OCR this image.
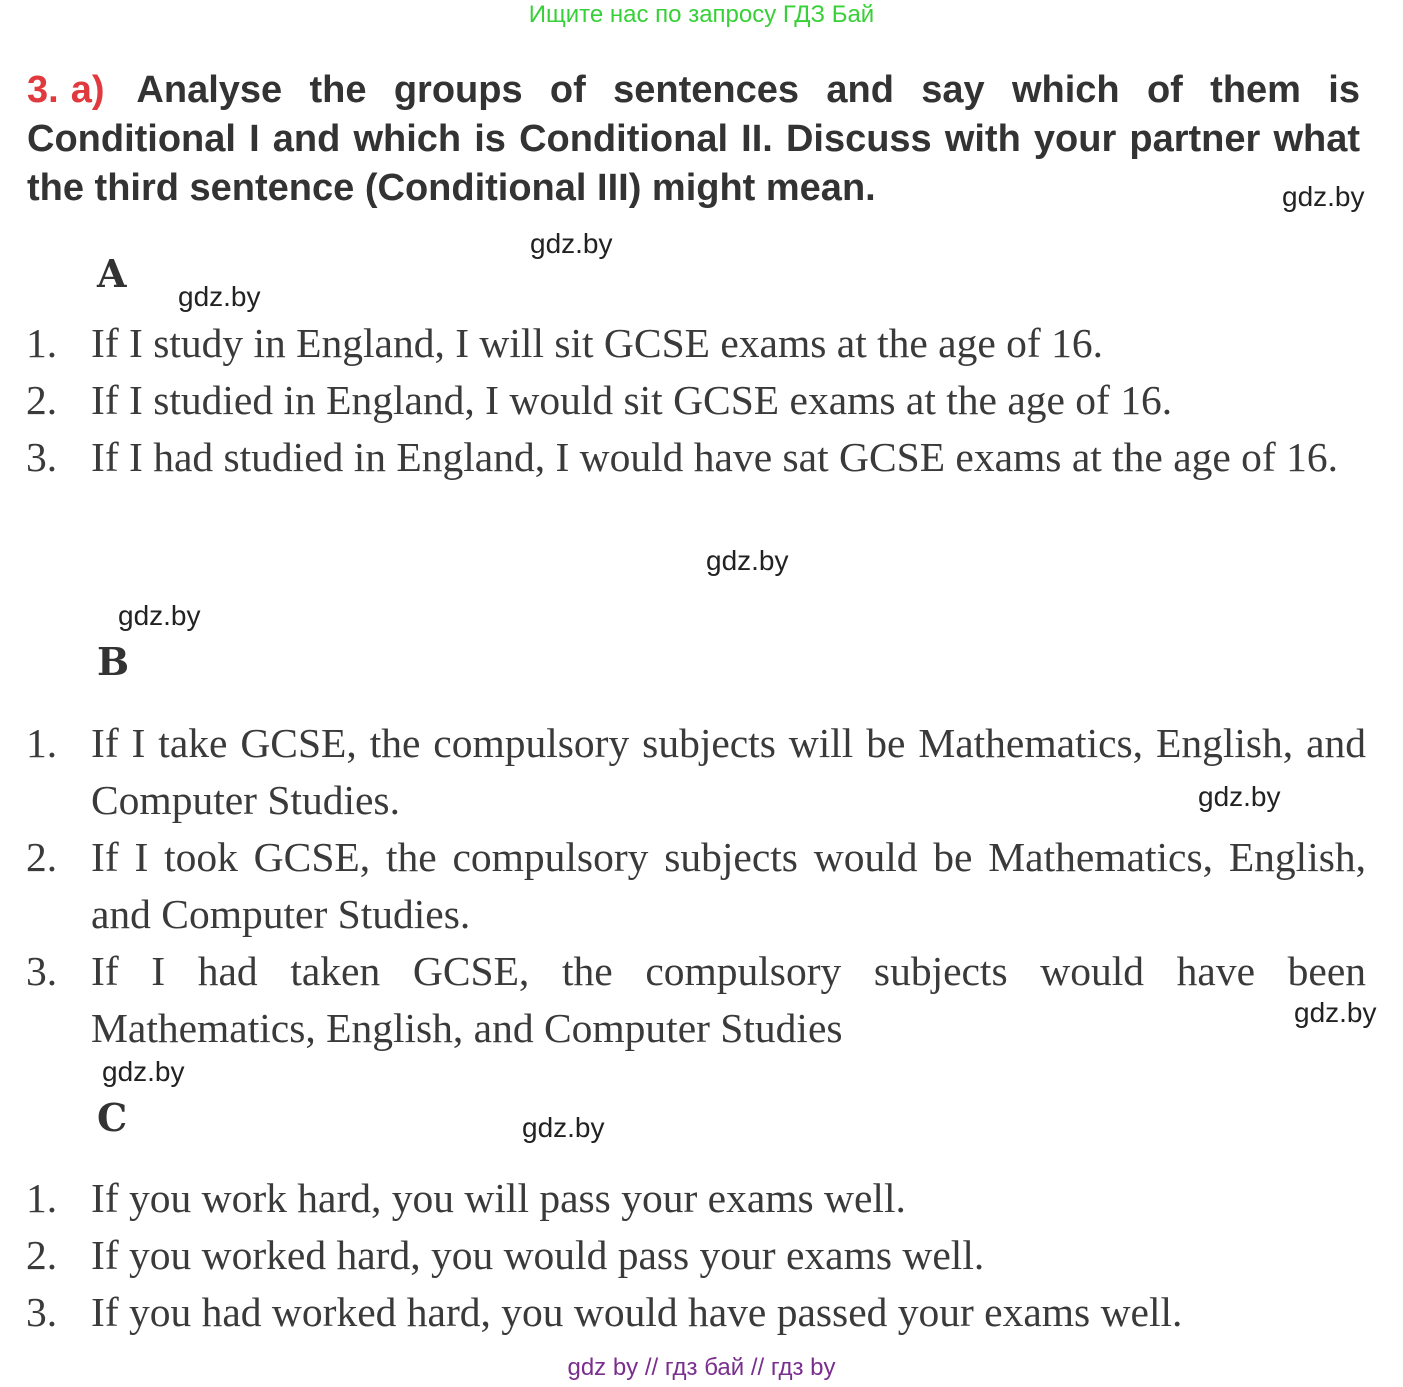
Ищите нас по запросу ГДЗ Бай
3. a) Analyse the groups of sentences and say which of them is Conditional I and which is Conditional II. Discuss with your partner what the third sentence (Conditional III) might mean.
A
1. If I study in England, I will sit GCSE exams at the age of 16.
2. If I studied in England, I would sit GCSE exams at the age of 16.
3. If I had studied in England, I would have sat GCSE exams at the age of 16.
B
1. If I take GCSE, the compulsory subjects will be Mathematics, English, and Computer Studies.
2. If I took GCSE, the compulsory subjects would be Mathematics, English, and Computer Studies.
3. If I had taken GCSE, the compulsory subjects would have been Mathematics, English, and Computer Studies
C
1. If you work hard, you will pass your exams well.
2. If you worked hard, you would pass your exams well.
3. If you had worked hard, you would have passed your exams well.
gdz.by
gdz.by
gdz.by
gdz.by
gdz.by
gdz.by
gdz.by
gdz.by
gdz.by
gdz by // гдз бай // гдз by
